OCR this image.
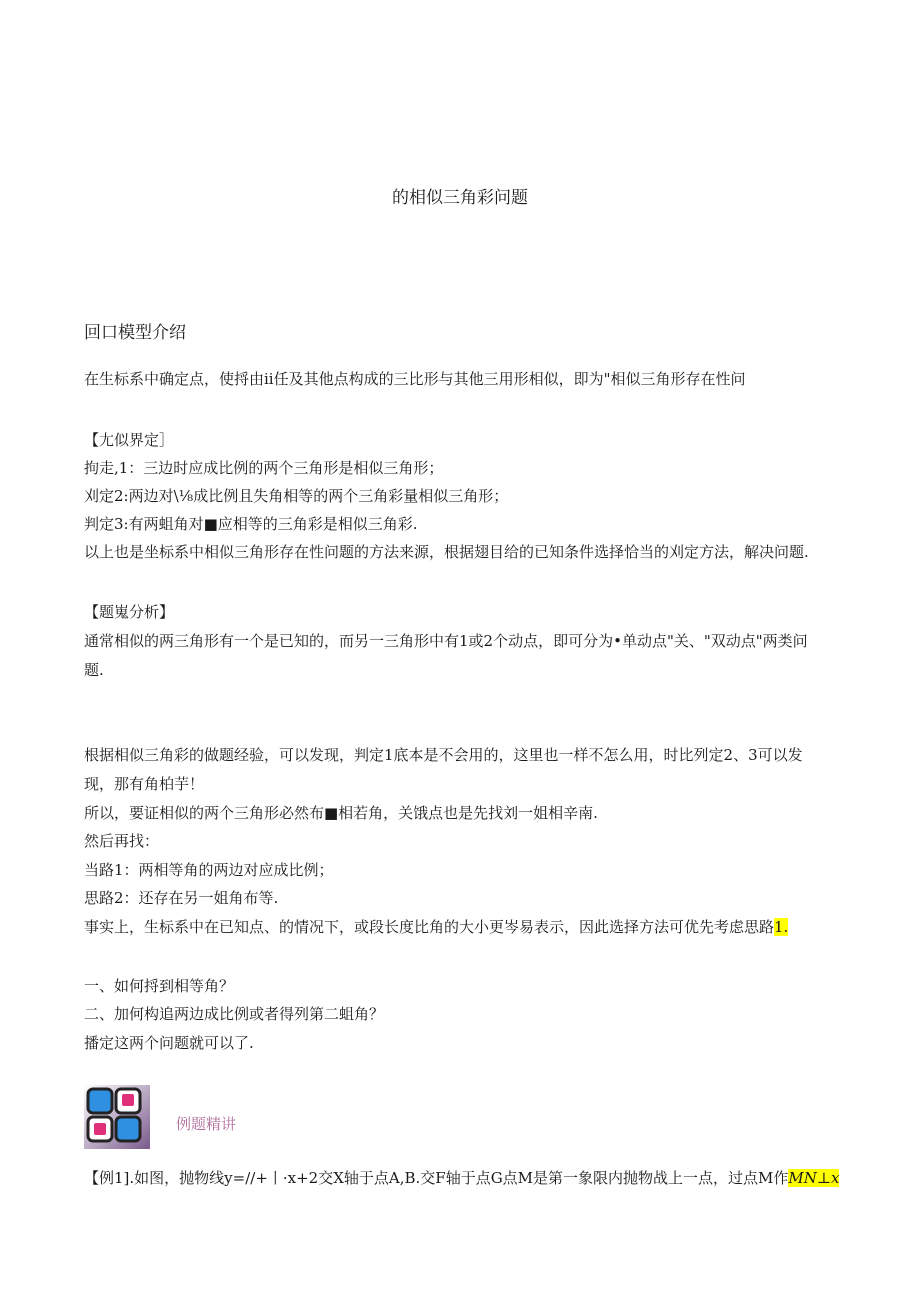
的相似三角彩问题
回口模型介绍
在生标系中确定点，使捋由ii任及其他点构成的三比形与其他三用形相似，即为"相似三角形存在性问
【尢似界定］
拘走,1：三边时应成比例的两个三角形是相似三角形；
刈定2:两边对\⅛成比例且失角相等的两个三角彩量相似三角形；
判定3:有两蛆角对■应相等的三角彩是相似三角彩.
以上也是坐标系中相似三角形存在性问题的方法来源，根据翅目给的已知条件选择恰当的刈定方法，解决问题.
【题嵬分析】
通常相似的两三角形有一个是已知的，而另一三角形中有1或2个动点，即可分为•单动点"关、"双动点"两类问
题.
根据相似三角彩的做题经验，可以发现，判定1底本是不会用的，这里也一样不怎么用，时比列定2、3可以发
现，那有角柏芋！
所以，要证相似的两个三角形必然布■相若角，关饿点也是先找刘一姐相辛南.
然后再找：
当路1：两相等角的两边对应成比例；
思路2：还存在另一姐角布等.
事实上，生标系中在已知点、的情况下，或段长度比角的大小更岑易表示，因此选择方法可优先考虑思路1.
一、如何捋到相等角？
二、加何构追两边成比例或者得列第二蛆角？
播定这两个问题就可以了.
例题精讲
【例1].如图，抛物线y=∕∕+丨·x+2交X轴于点A,B.交F轴于点G点M是第一象限内抛物战上一点，过点M作MN⊥x
